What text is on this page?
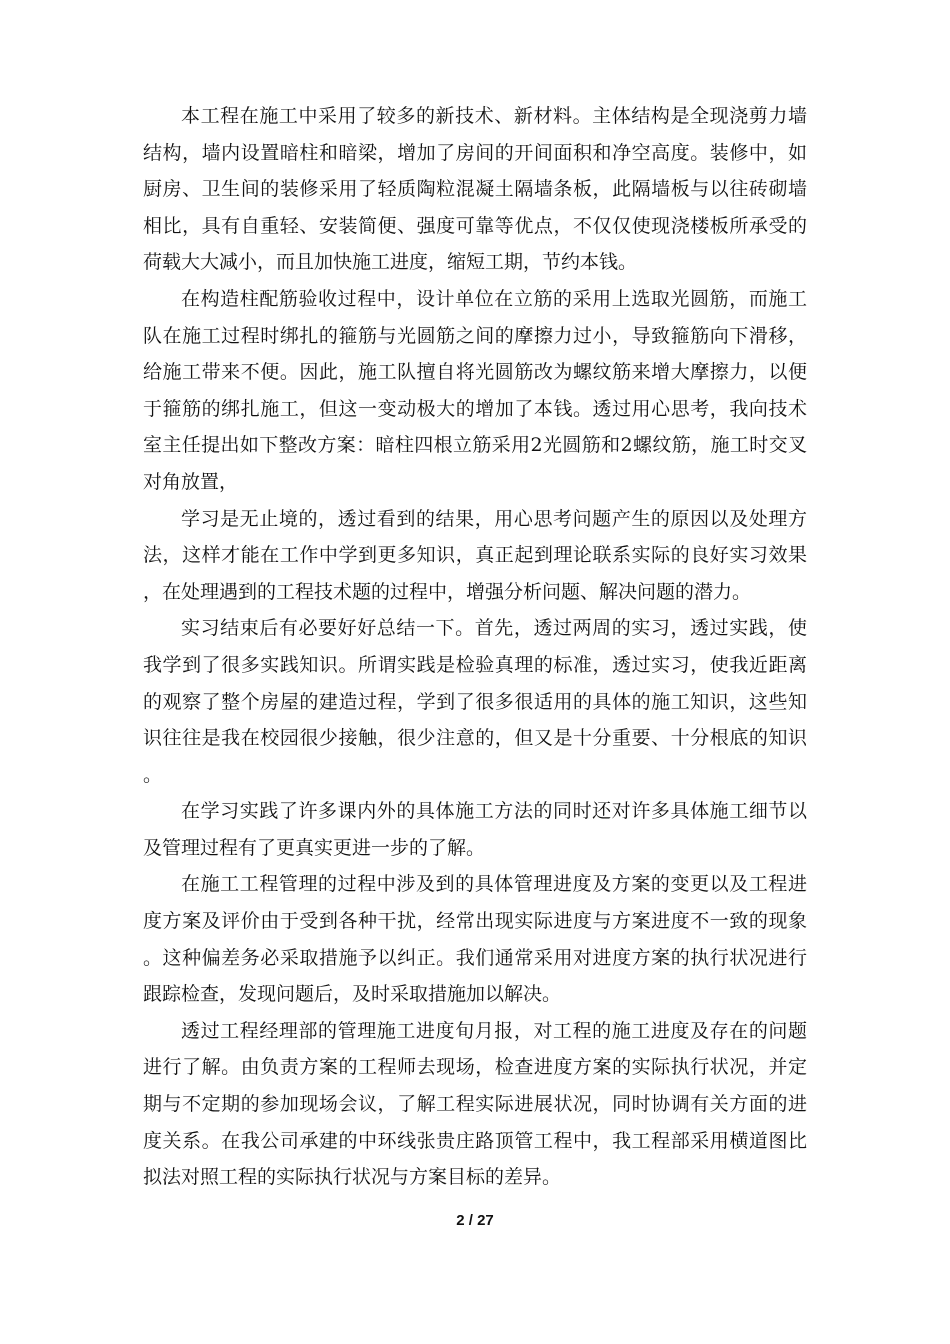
本工程在施工中采用了较多的新技术、新材料。主体结构是全现浇剪力墙结构，墙内设置暗柱和暗梁，增加了房间的开间面积和净空高度。装修中，如厨房、卫生间的装修采用了轻质陶粒混凝土隔墙条板，此隔墙板与以往砖砌墙相比，具有自重轻、安装简便、强度可靠等优点，不仅仅使现浇楼板所承受的荷载大大减小，而且加快施工进度，缩短工期，节约本钱。

在构造柱配筋验收过程中，设计单位在立筋的采用上选取光圆筋，而施工队在施工过程时绑扎的箍筋与光圆筋之间的摩擦力过小，导致箍筋向下滑移，给施工带来不便。因此，施工队擅自将光圆筋改为螺纹筋来增大摩擦力，以便于箍筋的绑扎施工，但这一变动极大的增加了本钱。透过用心思考，我向技术室主任提出如下整改方案：暗柱四根立筋采用2光圆筋和2螺纹筋，施工时交叉对角放置，

学习是无止境的，透过看到的结果，用心思考问题产生的原因以及处理方法，这样才能在工作中学到更多知识，真正起到理论联系实际的良好实习效果，在处理遇到的工程技术题的过程中，增强分析问题、解决问题的潜力。

实习结束后有必要好好总结一下。首先，透过两周的实习，透过实践，使我学到了很多实践知识。所谓实践是检验真理的标准，透过实习，使我近距离的观察了整个房屋的建造过程，学到了很多很适用的具体的施工知识，这些知识往往是我在校园很少接触，很少注意的，但又是十分重要、十分根底的知识。

在学习实践了许多课内外的具体施工方法的同时还对许多具体施工细节以及管理过程有了更真实更进一步的了解。

在施工工程管理的过程中涉及到的具体管理进度及方案的变更以及工程进度方案及评价由于受到各种干扰，经常出现实际进度与方案进度不一致的现象。这种偏差务必采取措施予以纠正。我们通常采用对进度方案的执行状况进行跟踪检查，发现问题后，及时采取措施加以解决。

透过工程经理部的管理施工进度旬月报，对工程的施工进度及存在的问题进行了解。由负责方案的工程师去现场，检查进度方案的实际执行状况，并定期与不定期的参加现场会议，了解工程实际进展状况，同时协调有关方面的进度关系。在我公司承建的中环线张贵庄路顶管工程中，我工程部采用横道图比拟法对照工程的实际执行状况与方案目标的差异。

2 / 27
